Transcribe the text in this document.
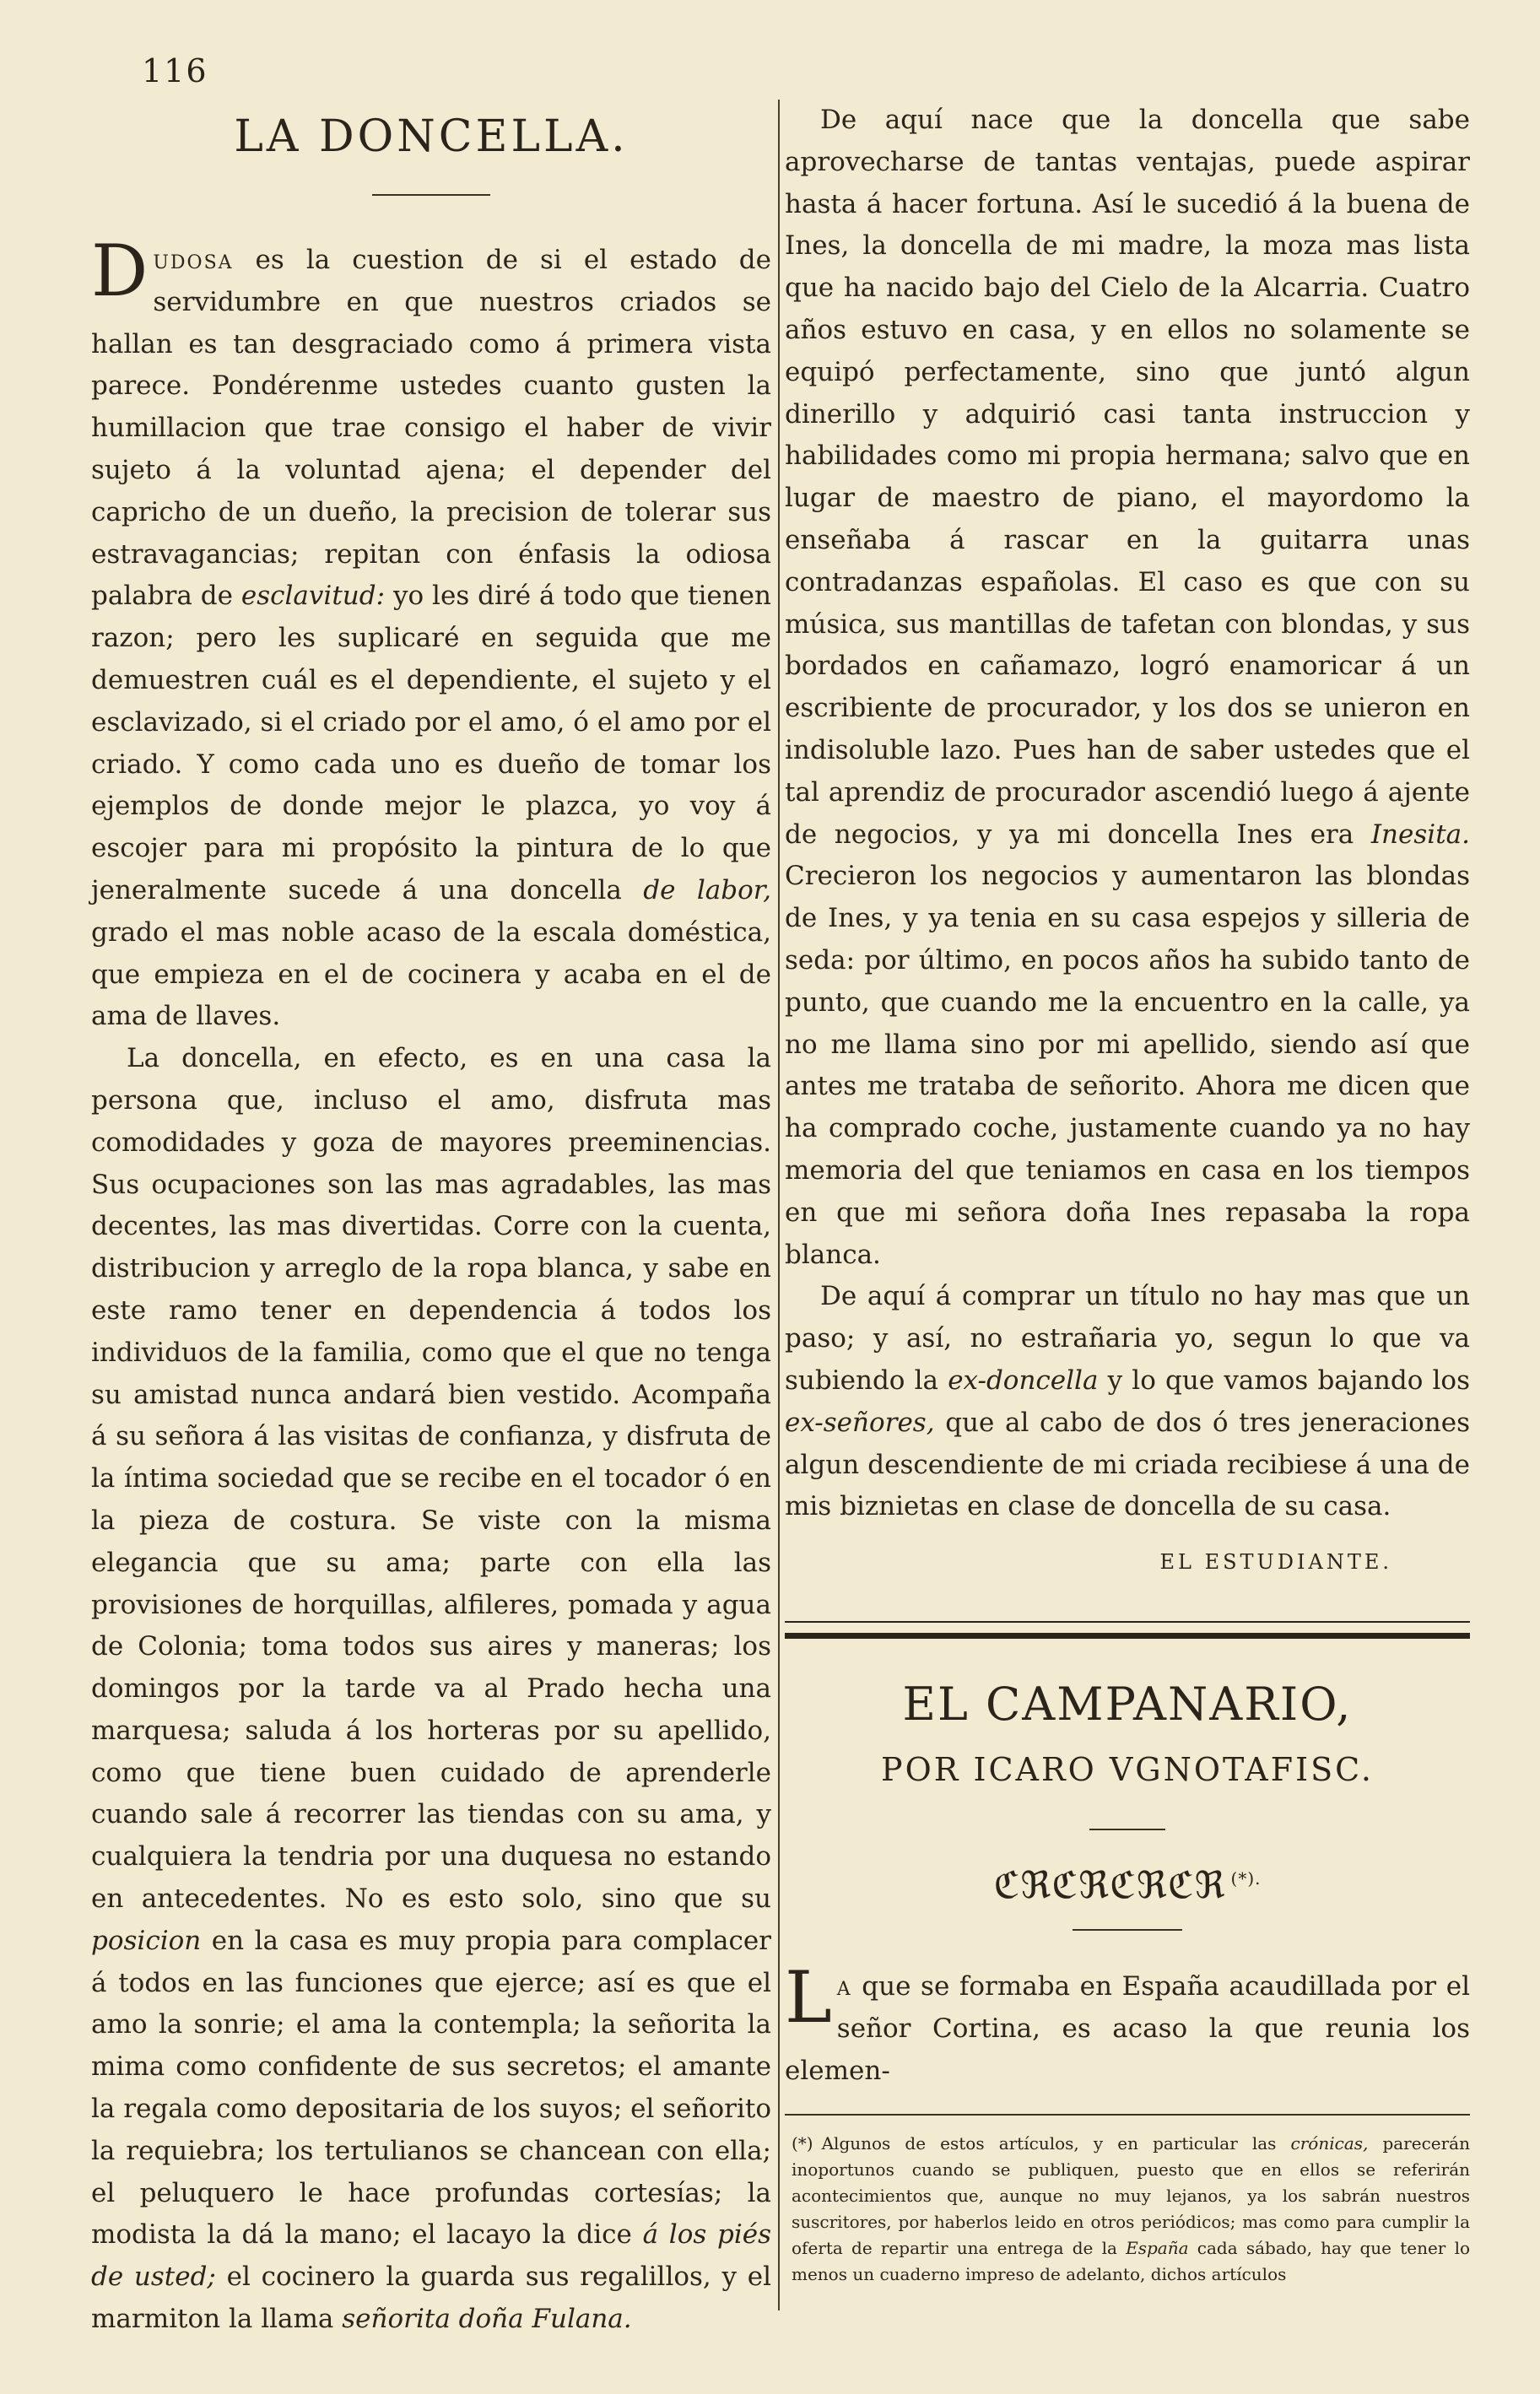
116
LA DONCELLA.

Dudosa es la cuestion de si el estado de servidumbre en que nuestros criados se hallan es tan desgraciado como á primera vista parece. Pondérenme ustedes cuanto gusten la humillacion que trae consigo el haber de vivir sujeto á la voluntad ajena; el depender del capricho de un dueño, la precision de tolerar sus estravagancias; repitan con énfasis la odiosa palabra de esclavitud: yo les diré á todo que tienen razon; pero les suplicaré en seguida que me demuestren cuál es el dependiente, el sujeto y el esclavizado, si el criado por el amo, ó el amo por el criado. Y como cada uno es dueño de tomar los ejemplos de donde mejor le plazca, yo voy á escojer para mi propósito la pintura de lo que jeneralmente sucede á una doncella de labor, grado el mas noble acaso de la escala doméstica, que empieza en el de cocinera y acaba en el de ama de llaves.

La doncella, en efecto, es en una casa la persona que, incluso el amo, disfruta mas comodidades y goza de mayores preeminencias. Sus ocupaciones son las mas agradables, las mas decentes, las mas divertidas. Corre con la cuenta, distribucion y arreglo de la ropa blanca, y sabe en este ramo tener en dependencia á todos los individuos de la familia, como que el que no tenga su amistad nunca andará bien vestido. Acompaña á su señora á las visitas de confianza, y disfruta de la íntima sociedad que se recibe en el tocador ó en la pieza de costura. Se viste con la misma elegancia que su ama; parte con ella las provisiones de horquillas, alfileres, pomada y agua de Colonia; toma todos sus aires y maneras; los domingos por la tarde va al Prado hecha una marquesa; saluda á los horteras por su apellido, como que tiene buen cuidado de aprenderle cuando sale á recorrer las tiendas con su ama, y cualquiera la tendria por una duquesa no estando en antecedentes. No es esto solo, sino que su posicion en la casa es muy propia para complacer á todos en las funciones que ejerce; así es que el amo la sonrie; el ama la contempla; la señorita la mima como confidente de sus secretos; el amante la regala como depositaria de los suyos; el señorito la requiebra; los tertulianos se chancean con ella; el peluquero le hace profundas cortesías; la modista la dá la mano; el lacayo la dice á los piés de usted; el cocinero la guarda sus regalillos, y el marmiton la llama señorita doña Fulana.

De aquí nace que la doncella que sabe aprovecharse de tantas ventajas, puede aspirar hasta á hacer fortuna. Así le sucedió á la buena de Ines, la doncella de mi madre, la moza mas lista que ha nacido bajo del Cielo de la Alcarria. Cuatro años estuvo en casa, y en ellos no solamente se equipó perfectamente, sino que juntó algun dinerillo y adquirió casi tanta instruccion y habilidades como mi propia hermana; salvo que en lugar de maestro de piano, el mayordomo la enseñaba á rascar en la guitarra unas contradanzas españolas. El caso es que con su música, sus mantillas de tafetan con blondas, y sus bordados en cañamazo, logró enamoricar á un escribiente de procurador, y los dos se unieron en indisoluble lazo. Pues han de saber ustedes que el tal aprendiz de procurador ascendió luego á ajente de negocios, y ya mi doncella Ines era Inesita. Crecieron los negocios y aumentaron las blondas de Ines, y ya tenia en su casa espejos y silleria de seda: por último, en pocos años ha subido tanto de punto, que cuando me la encuentro en la calle, ya no me llama sino por mi apellido, siendo así que antes me trataba de señorito. Ahora me dicen que ha comprado coche, justamente cuando ya no hay memoria del que teniamos en casa en los tiempos en que mi señora doña Ines repasaba la ropa blanca.

De aquí á comprar un título no hay mas que un paso; y así, no estrañaria yo, segun lo que va subiendo la ex-doncella y lo que vamos bajando los ex-señores, que al cabo de dos ó tres jeneraciones algun descendiente de mi criada recibiese á una de mis biznietas en clase de doncella de su casa.

EL ESTUDIANTE.
EL CAMPANARIO,
POR ICARO VGNOTAFISC.
ℭℜℭℜℭℜℭℜ (*).

La que se formaba en España acaudillada por el señor Cortina, es acaso la que reunia los elemen-

(*) Algunos de estos artículos, y en particular las crónicas, parecerán inoportunos cuando se publiquen, puesto que en ellos se referirán acontecimientos que, aunque no muy lejanos, ya los sabrán nuestros suscritores, por haberlos leido en otros periódicos; mas como para cumplir la oferta de repartir una entrega de la España cada sábado, hay que tener lo menos un cuaderno impreso de adelanto, dichos artículos
